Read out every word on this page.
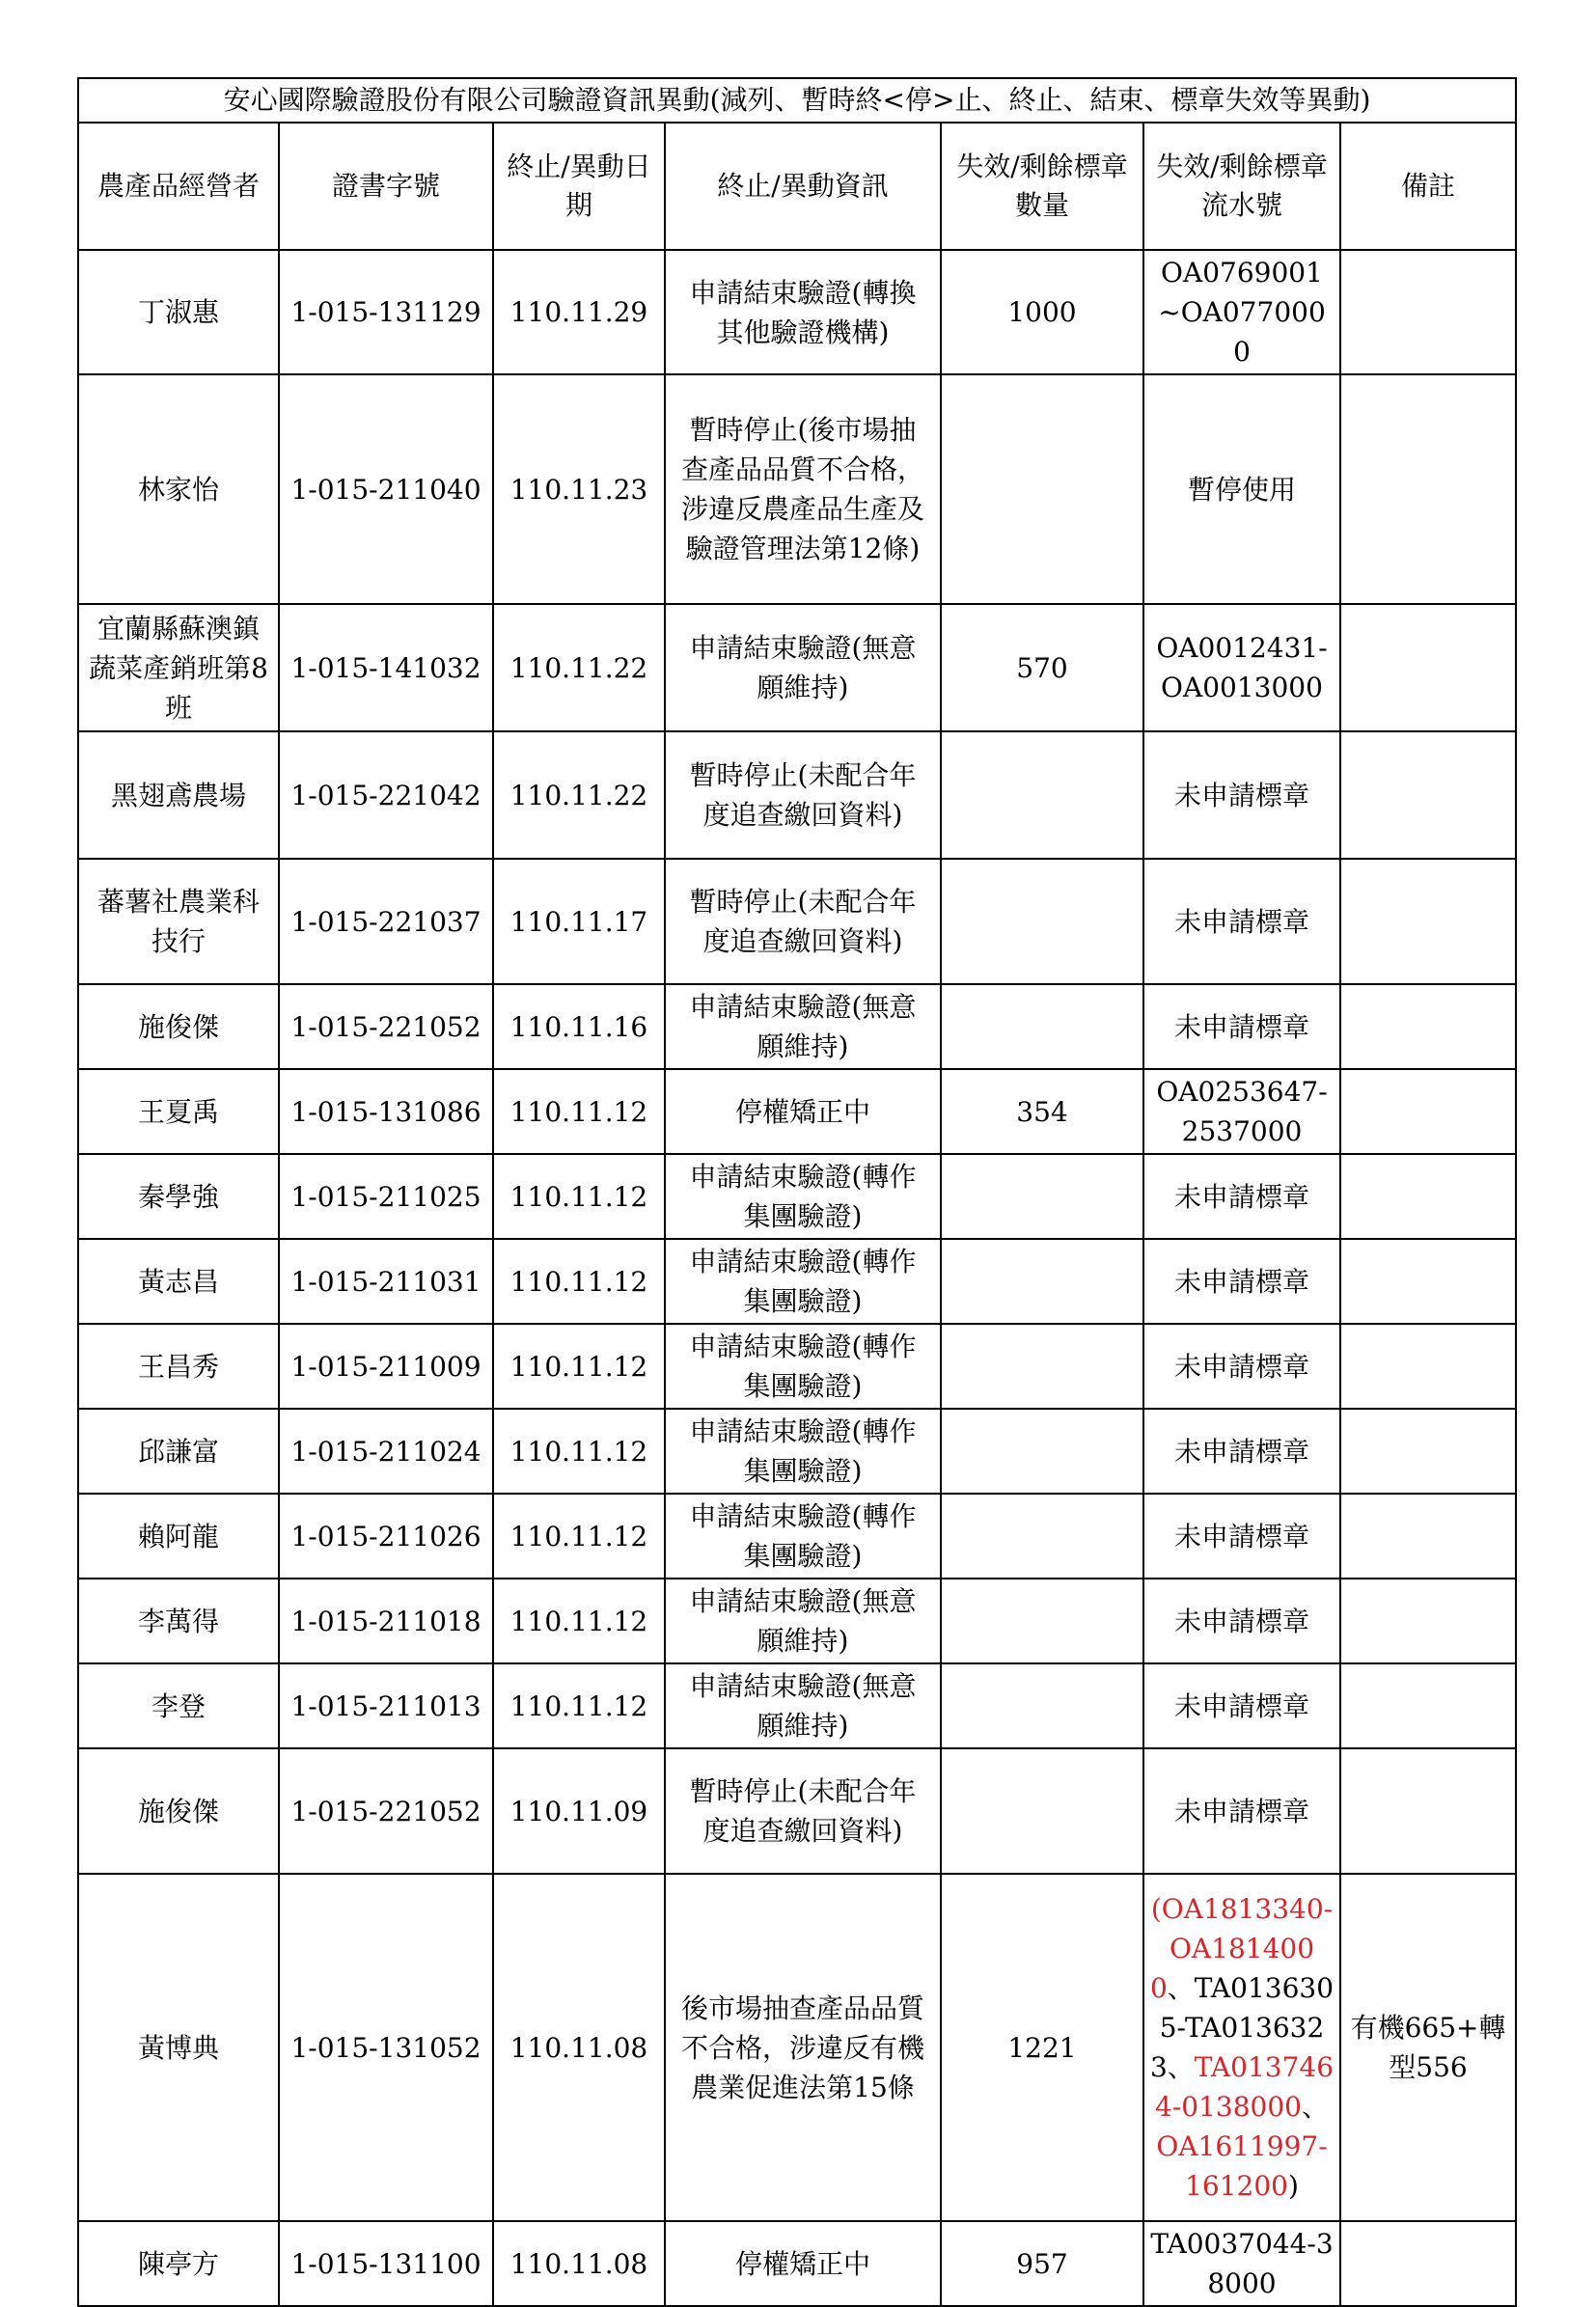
安心國際驗證股份有限公司驗證資訊異動(減列、暫時終<停>止、終止、結束、標章失效等異動)						
農產品經營者	證書字號	終止/異動日期	終止/異動資訊	失效/剩餘標章數量	失效/剩餘標章流水號	備註
丁淑惠	1-015-131129	110.11.29	申請結束驗證(轉換其他驗證機構)	1000	OA0769001~OA0770000	
林家怡	1-015-211040	110.11.23	暫時停止(後市場抽查產品品質不合格，涉違反農產品生產及驗證管理法第12條)		暫停使用	
宜蘭縣蘇澳鎮蔬菜產銷班第8班	1-015-141032	110.11.22	申請結束驗證(無意願維持)	570	OA0012431-OA0013000	
黑翅鳶農場	1-015-221042	110.11.22	暫時停止(未配合年度追查繳回資料)		未申請標章	
蕃薯社農業科技行	1-015-221037	110.11.17	暫時停止(未配合年度追查繳回資料)		未申請標章	
施俊傑	1-015-221052	110.11.16	申請結束驗證(無意願維持)		未申請標章	
王夏禹	1-015-131086	110.11.12	停權矯正中	354	OA0253647-2537000	
秦學強	1-015-211025	110.11.12	申請結束驗證(轉作集團驗證)		未申請標章	
黃志昌	1-015-211031	110.11.12	申請結束驗證(轉作集團驗證)		未申請標章	
王昌秀	1-015-211009	110.11.12	申請結束驗證(轉作集團驗證)		未申請標章	
邱謙富	1-015-211024	110.11.12	申請結束驗證(轉作集團驗證)		未申請標章	
賴阿龍	1-015-211026	110.11.12	申請結束驗證(轉作集團驗證)		未申請標章	
李萬得	1-015-211018	110.11.12	申請結束驗證(無意願維持)		未申請標章	
李登	1-015-211013	110.11.12	申請結束驗證(無意願維持)		未申請標章	
施俊傑	1-015-221052	110.11.09	暫時停止(未配合年度追查繳回資料)		未申請標章	
黃博典	1-015-131052	110.11.08	後市場抽查產品品質不合格，涉違反有機農業促進法第15條	1221	(OA1813340-OA1814000、TA0136305-TA0136323、TA0137464-0138000、OA1611997-161200)	有機665+轉型556
陳亭方	1-015-131100	110.11.08	停權矯正中	957	TA0037044-38000	
